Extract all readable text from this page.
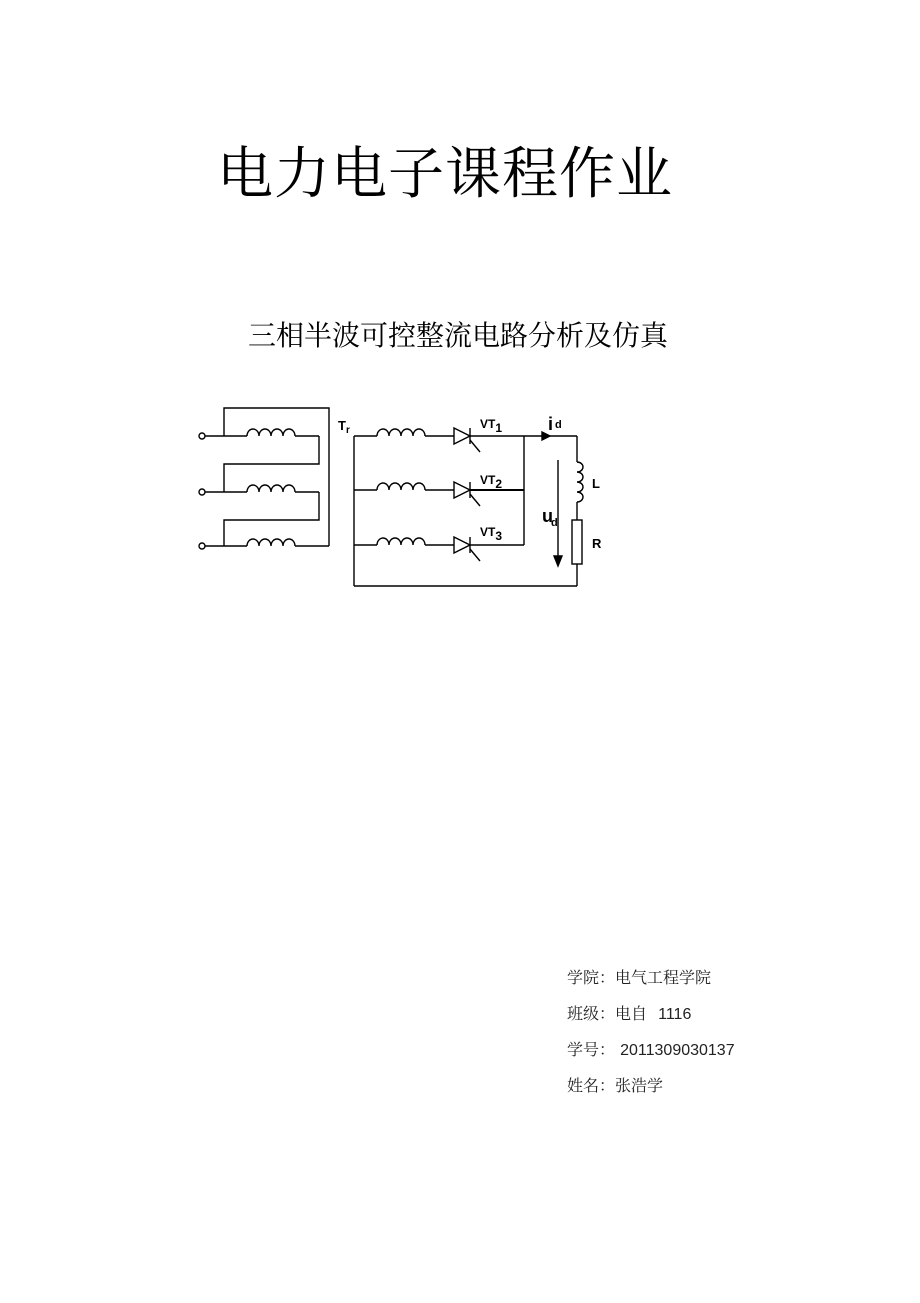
电力电子课程作业
三相半波可控整流电路分析及仿真
$T_r$	VT1
VT2
VT3
id
ud
L
R
学院：电气工程学院
班级：电自 1116
学号： 2011309030137
姓名：张浩学
